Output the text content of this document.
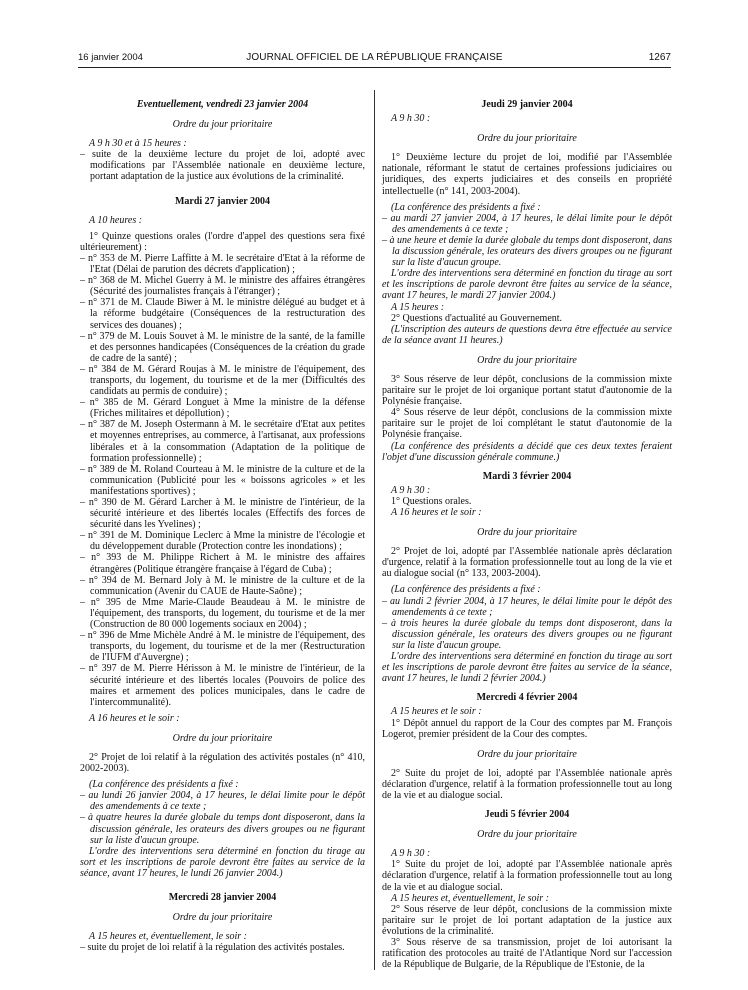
16 janvier 2004	JOURNAL OFFICIEL DE LA RÉPUBLIQUE FRANÇAISE	1267

Eventuellement, vendredi 23 janvier 2004

Ordre du jour prioritaire

A 9 h 30 et à 15 heures :

– suite de la deuxième lecture du projet de loi, adopté avec modifications par l'Assemblée nationale en deuxième lecture, portant adaptation de la justice aux évolutions de la criminalité.

Mardi 27 janvier 2004

A 10 heures :

1° Quinze questions orales (l'ordre d'appel des questions sera fixé ultérieurement) :

– n° 353 de M. Pierre Laffitte à M. le secrétaire d'Etat à la réforme de l'Etat (Délai de parution des décrets d'application) ;

– n° 368 de M. Michel Guerry à M. le ministre des affaires étrangères (Sécurité des journalistes français à l'étranger) ;

– n° 371 de M. Claude Biwer à M. le ministre délégué au budget et à la réforme budgétaire (Conséquences de la restructuration des services des douanes) ;

– n° 379 de M. Louis Souvet à M. le ministre de la santé, de la famille et des personnes handicapées (Conséquences de la création du grade de cadre de la santé) ;

– n° 384 de M. Gérard Roujas à M. le ministre de l'équipement, des transports, du logement, du tourisme et de la mer (Difficultés des candidats au permis de conduire) ;

– n° 385 de M. Gérard Longuet à Mme la ministre de la défense (Friches militaires et dépollution) ;

– n° 387 de M. Joseph Ostermann à M. le secrétaire d'Etat aux petites et moyennes entreprises, au commerce, à l'artisanat, aux professions libérales et à la consommation (Adaptation de la politique de formation professionnelle) ;

– n° 389 de M. Roland Courteau à M. le ministre de la culture et de la communication (Publicité pour les « boissons agricoles » et les manifestations sportives) ;

– n° 390 de M. Gérard Larcher à M. le ministre de l'intérieur, de la sécurité intérieure et des libertés locales (Effectifs des forces de sécurité dans les Yvelines) ;

– n° 391 de M. Dominique Leclerc à Mme la ministre de l'écologie et du développement durable (Protection contre les inondations) ;

– n° 393 de M. Philippe Richert à M. le ministre des affaires étrangères (Politique étrangère française à l'égard de Cuba) ;

– n° 394 de M. Bernard Joly à M. le ministre de la culture et de la communication (Avenir du CAUE de Haute-Saône) ;

– n° 395 de Mme Marie-Claude Beaudeau à M. le ministre de l'équipement, des transports, du logement, du tourisme et de la mer (Construction de 80 000 logements sociaux en 2004) ;

– n° 396 de Mme Michèle André à M. le ministre de l'équipement, des transports, du logement, du tourisme et de la mer (Restructuration de l'IUFM d'Auvergne) ;

– n° 397 de M. Pierre Hérisson à M. le ministre de l'intérieur, de la sécurité intérieure et des libertés locales (Pouvoirs de police des maires et armement des polices municipales, dans le cadre de l'intercommunalité).

A 16 heures et le soir :

Ordre du jour prioritaire

2° Projet de loi relatif à la régulation des activités postales (n° 410, 2002-2003).

(La conférence des présidents a fixé :

– au lundi 26 janvier 2004, à 17 heures, le délai limite pour le dépôt des amendements à ce texte ;

– à quatre heures la durée globale du temps dont disposeront, dans la discussion générale, les orateurs des divers groupes ou ne figurant sur la liste d'aucun groupe.

L'ordre des interventions sera déterminé en fonction du tirage au sort et les inscriptions de parole devront être faites au service de la séance, avant 17 heures, le lundi 26 janvier 2004.)

Mercredi 28 janvier 2004

Ordre du jour prioritaire

A 15 heures et, éventuellement, le soir :

– suite du projet de loi relatif à la régulation des activités postales.

Jeudi 29 janvier 2004

A 9 h 30 :

Ordre du jour prioritaire

1° Deuxième lecture du projet de loi, modifié par l'Assemblée nationale, réformant le statut de certaines professions judiciaires ou juridiques, des experts judiciaires et des conseils en propriété intellectuelle (n° 141, 2003-2004).

(La conférence des présidents a fixé :

– au mardi 27 janvier 2004, à 17 heures, le délai limite pour le dépôt des amendements à ce texte ;

– à une heure et demie la durée globale du temps dont disposeront, dans la discussion générale, les orateurs des divers groupes ou ne figurant sur la liste d'aucun groupe.

L'ordre des interventions sera déterminé en fonction du tirage au sort et les inscriptions de parole devront être faites au service de la séance, avant 17 heures, le mardi 27 janvier 2004.)

A 15 heures :

2° Questions d'actualité au Gouvernement.

(L'inscription des auteurs de questions devra être effectuée au service de la séance avant 11 heures.)

Ordre du jour prioritaire

3° Sous réserve de leur dépôt, conclusions de la commission mixte paritaire sur le projet de loi organique portant statut d'autonomie de la Polynésie française.

4° Sous réserve de leur dépôt, conclusions de la commission mixte paritaire sur le projet de loi complétant le statut d'autonomie de la Polynésie française.

(La conférence des présidents a décidé que ces deux textes feraient l'objet d'une discussion générale commune.)

Mardi 3 février 2004

A 9 h 30 :

1° Questions orales.

A 16 heures et le soir :

Ordre du jour prioritaire

2° Projet de loi, adopté par l'Assemblée nationale après déclaration d'urgence, relatif à la formation professionnelle tout au long de la vie et au dialogue social (n° 133, 2003-2004).

(La conférence des présidents a fixé :

– au lundi 2 février 2004, à 17 heures, le délai limite pour le dépôt des amendements à ce texte ;

– à trois heures la durée globale du temps dont disposeront, dans la discussion générale, les orateurs des divers groupes ou ne figurant sur la liste d'aucun groupe.

L'ordre des interventions sera déterminé en fonction du tirage au sort et les inscriptions de parole devront être faites au service de la séance, avant 17 heures, le lundi 2 février 2004.)

Mercredi 4 février 2004

A 15 heures et le soir :

1° Dépôt annuel du rapport de la Cour des comptes par M. François Logerot, premier président de la Cour des comptes.

Ordre du jour prioritaire

2° Suite du projet de loi, adopté par l'Assemblée nationale après déclaration d'urgence, relatif à la formation professionnelle tout au long de la vie et au dialogue social.

Jeudi 5 février 2004

Ordre du jour prioritaire

A 9 h 30 :

1° Suite du projet de loi, adopté par l'Assemblée nationale après déclaration d'urgence, relatif à la formation professionnelle tout au long de la vie et au dialogue social.

A 15 heures et, éventuellement, le soir :

2° Sous réserve de leur dépôt, conclusions de la commission mixte paritaire sur le projet de loi portant adaptation de la justice aux évolutions de la criminalité.

3° Sous réserve de sa transmission, projet de loi autorisant la ratification des protocoles au traité de l'Atlantique Nord sur l'accession de la République de Bulgarie, de la République de l'Estonie, de la
